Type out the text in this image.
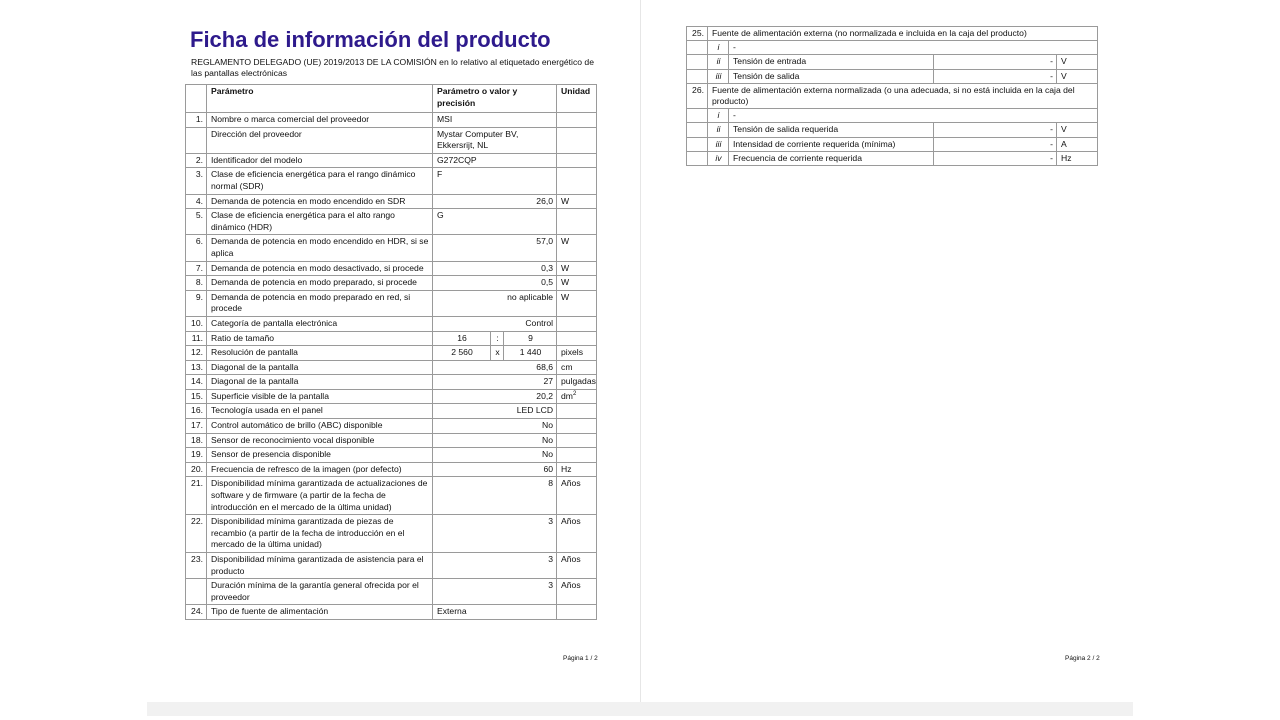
Ficha de información del producto
REGLAMENTO DELEGADO (UE) 2019/2013 DE LA COMISIÓN en lo relativo al etiquetado energético de las pantallas electrónicas
	Parámetro	Parámetro o valor y precisión			Unidad
1.	Nombre o marca comercial del proveedor	MSI			
	Dirección del proveedor	Mystar Computer BV, Ekkersrijt, NL			
2.	Identificador del modelo	G272CQP			
3.	Clase de eficiencia energética para el rango dinámico normal (SDR)	F			
4.	Demanda de potencia en modo encendido en SDR	26,0			W
5.	Clase de eficiencia energética para el alto rango dinámico (HDR)	G			
6.	Demanda de potencia en modo encendido en HDR, si se aplica	57,0			W
7.	Demanda de potencia en modo desactivado, si procede	0,3			W
8.	Demanda de potencia en modo preparado, si procede	0,5			W
9.	Demanda de potencia en modo preparado en red, si procede	no aplicable			W
10.	Categoría de pantalla electrónica	Control			
11.	Ratio de tamaño	16	:	9	
12.	Resolución de pantalla	2 560	x	1 440	pixels
13.	Diagonal de la pantalla	68,6			cm
14.	Diagonal de la pantalla	27			pulgadas
15.	Superficie visible de la pantalla	20,2			$dm^2$
16.	Tecnología usada en el panel	LED LCD			
17.	Control automático de brillo (ABC) disponible	No			
18.	Sensor de reconocimiento vocal disponible	No			
19.	Sensor de presencia disponible	No			
20.	Frecuencia de refresco de la imagen (por defecto)	60			Hz
21.	Disponibilidad mínima garantizada de actualizaciones de software y de firmware (a partir de la fecha de introducción en el mercado de la última unidad)	8			Años
22.	Disponibilidad mínima garantizada de piezas de recambio (a partir de la fecha de introducción en el mercado de la última unidad)	3			Años
23.	Disponibilidad mínima garantizada de asistencia para el producto	3			Años
	Duración mínima de la garantía general ofrecida por el proveedor	3			Años
24.	Tipo de fuente de alimentación	Externa			
Página 1 / 2
25.	Fuente de alimentación externa (no normalizada e incluida en la caja del producto)			
	i	-		
	ii	Tensión de entrada	-	V
	iii	Tensión de salida	-	V
26.	Fuente de alimentación externa normalizada (o una adecuada, si no está incluida en la caja del producto)			
	i	-		
	ii	Tensión de salida requerida	-	V
	iii	Intensidad de corriente requerida (mínima)	-	A
	iv	Frecuencia de corriente requerida	-	Hz
Página 2 / 2
